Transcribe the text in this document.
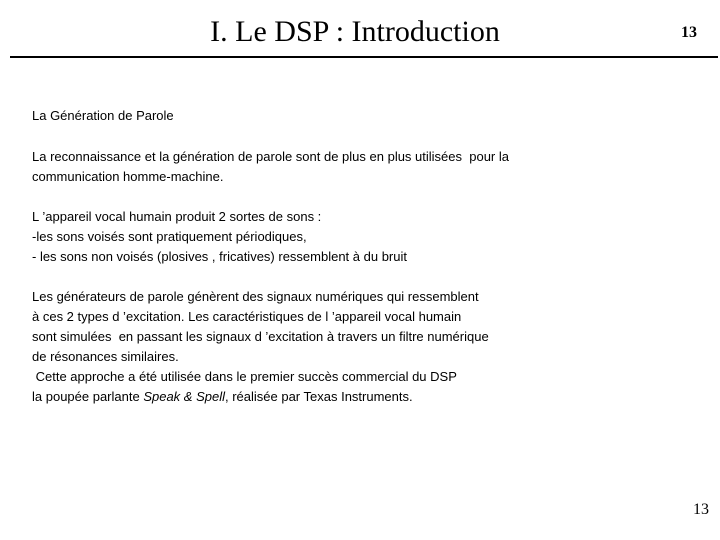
I. Le DSP : Introduction	13
La Génération de Parole
La reconnaissance et la génération de parole sont de plus en plus utilisées  pour la
communication homme-machine.
L ’appareil vocal humain produit 2 sortes de sons :
-les sons voisés sont pratiquement périodiques,
- les sons non voisés (plosives , fricatives) ressemblent à du bruit
Les générateurs de parole génèrent des signaux numériques qui ressemblent
à ces 2 types d ’excitation. Les caractéristiques de l ’appareil vocal humain
sont simulées  en passant les signaux d ’excitation à travers un filtre numérique
de résonances similaires.
Cette approche a été utilisée dans le premier succès commercial du DSP
la poupée parlante Speak & Spell, réalisée par Texas Instruments.
13
